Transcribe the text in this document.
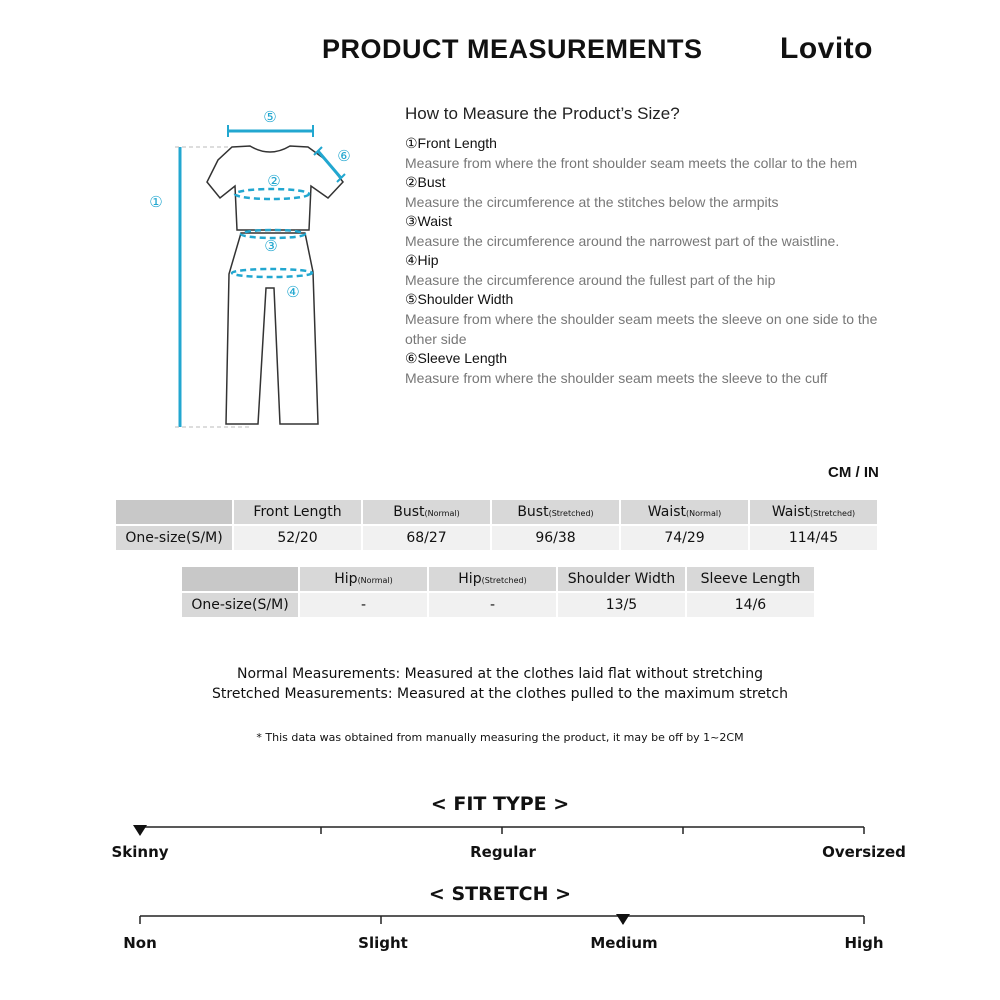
PRODUCT MEASUREMENTS	Lovito
⑤
⑥
①
②
③
④
How to Measure the Product’s Size?
①Front Length
Measure from where the front shoulder seam meets the collar to the hem
②Bust
Measure the circumference at the stitches below the armpits
③Waist
Measure the circumference around the narrowest part of the waistline.
④Hip
Measure the circumference around the fullest part of the hip
⑤Shoulder Width
Measure from where the shoulder seam meets the sleeve on one side to the other side
⑥Sleeve Length
Measure from where the shoulder seam meets the sleeve to the cuff
CM / IN
	Front Length	Bust(Normal)	Bust(Stretched)	Waist(Normal)	Waist(Stretched)
One-size(S/M)	52/20	68/27	96/38	74/29	114/45
	Hip(Normal)	Hip(Stretched)	Shoulder Width	Sleeve Length
One-size(S/M)	-	-	13/5	14/6
Normal Measurements: Measured at the clothes laid flat without stretching
Stretched Measurements: Measured at the clothes pulled to the maximum stretch
* This data was obtained from manually measuring the product, it may be off by 1~2CM
< FIT TYPE >
Skinny	Regular	Oversized
< STRETCH >
Non	Slight	Medium	High
